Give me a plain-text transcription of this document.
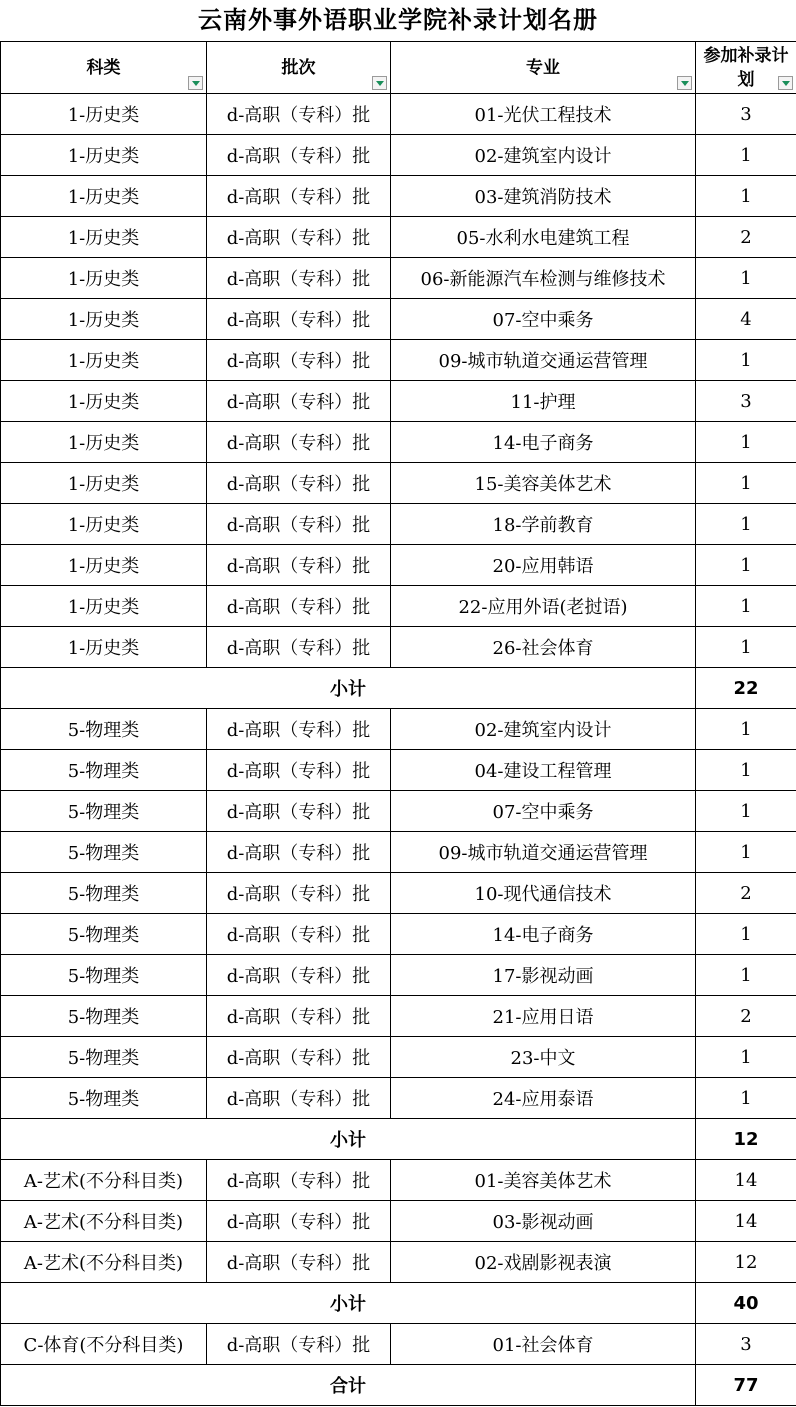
云南外事外语职业学院补录计划名册
科类	批次	专业	参加补录计划

1-历史类	d-高职（专科）批	01-光伏工程技术	3
1-历史类	d-高职（专科）批	02-建筑室内设计	1
1-历史类	d-高职（专科）批	03-建筑消防技术	1
1-历史类	d-高职（专科）批	05-水利水电建筑工程	2
1-历史类	d-高职（专科）批	06-新能源汽车检测与维修技术	1
1-历史类	d-高职（专科）批	07-空中乘务	4
1-历史类	d-高职（专科）批	09-城市轨道交通运营管理	1
1-历史类	d-高职（专科）批	11-护理	3
1-历史类	d-高职（专科）批	14-电子商务	1
1-历史类	d-高职（专科）批	15-美容美体艺术	1
1-历史类	d-高职（专科）批	18-学前教育	1
1-历史类	d-高职（专科）批	20-应用韩语	1
1-历史类	d-高职（专科）批	22-应用外语(老挝语)	1
1-历史类	d-高职（专科）批	26-社会体育	1
小计			22
5-物理类	d-高职（专科）批	02-建筑室内设计	1
5-物理类	d-高职（专科）批	04-建设工程管理	1
5-物理类	d-高职（专科）批	07-空中乘务	1
5-物理类	d-高职（专科）批	09-城市轨道交通运营管理	1
5-物理类	d-高职（专科）批	10-现代通信技术	2
5-物理类	d-高职（专科）批	14-电子商务	1
5-物理类	d-高职（专科）批	17-影视动画	1
5-物理类	d-高职（专科）批	21-应用日语	2
5-物理类	d-高职（专科）批	23-中文	1
5-物理类	d-高职（专科）批	24-应用泰语	1
小计			12
A-艺术(不分科目类)	d-高职（专科）批	01-美容美体艺术	14
A-艺术(不分科目类)	d-高职（专科）批	03-影视动画	14
A-艺术(不分科目类)	d-高职（专科）批	02-戏剧影视表演	12
小计			40
C-体育(不分科目类)	d-高职（专科）批	01-社会体育	3
合计			77
